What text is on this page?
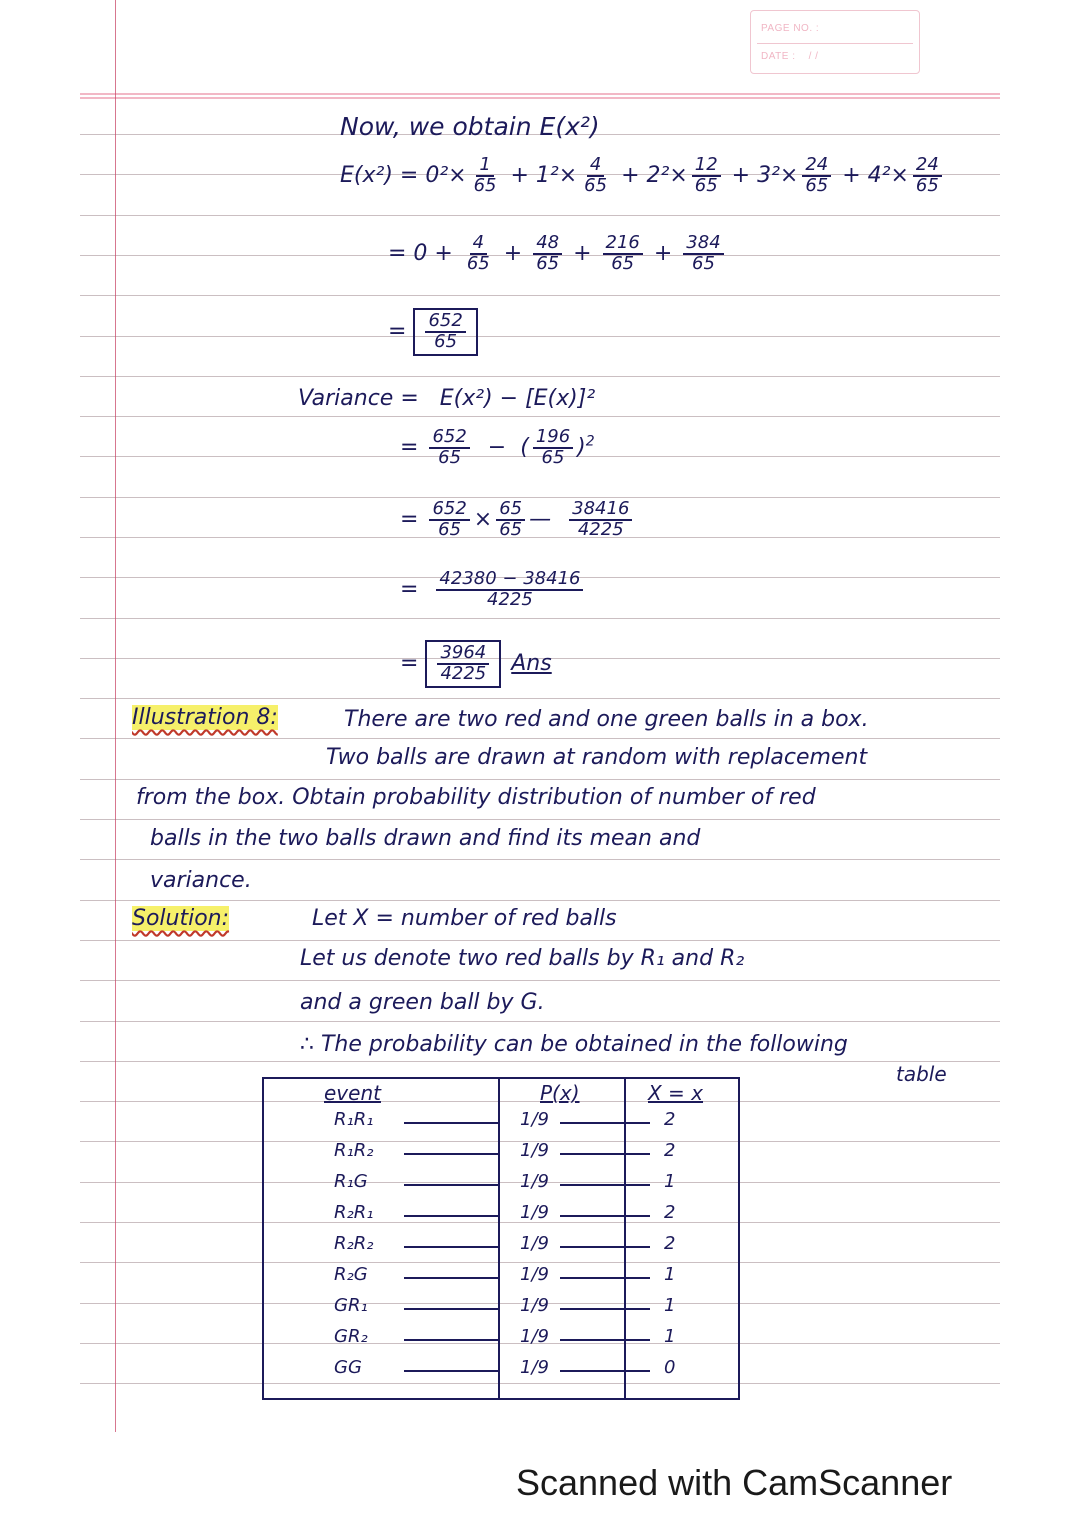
PAGE NO. :
DATE : / /
Now, we obtain E(x²)
$E(x^2) = 0^2\times \frac{1}{65} + 1^2\times \frac{4}{65} + 2^2\times \frac{12}{65} + 3^2\times \frac{24}{65} + 4^2\times \frac{24}{65}$
= $0 + \frac{4}{65} + \frac{48}{65} + \frac{216}{65} + \frac{384}{65}$
= $\frac{652}{65}$
Variance = E(x²) − [E(x)]²
= $\frac{652}{65}$ −  ( $\frac{196}{65} )^2$
= $\frac{652}{65} \times \frac{65}{65}$ — $\frac{38416}{4225}$
= $\frac{42380 - 38416}{4225}$
= $\frac{3964}{4225}$ Ans
Illustration 8:	There are two red and one green balls in a box.
Two balls are drawn at random with replacement
from the box. Obtain probability distribution of number of red
balls in the two balls drawn and find its mean and
variance.
Solution:	Let X = number of red balls
Let us denote two red balls by R₁ and R₂
and a green ball by G.
∴ The probability can be obtained in the following
table
event	P(x)	X = x
R₁R₁	1/9	2
R₁R₂	1/9	2
R₁G	1/9	1
R₂R₁	1/9	2
R₂R₂	1/9	2
R₂G	1/9	1
GR₁	1/9	1
GR₂	1/9	1
GG	1/9	0
Scanned with CamScanner
